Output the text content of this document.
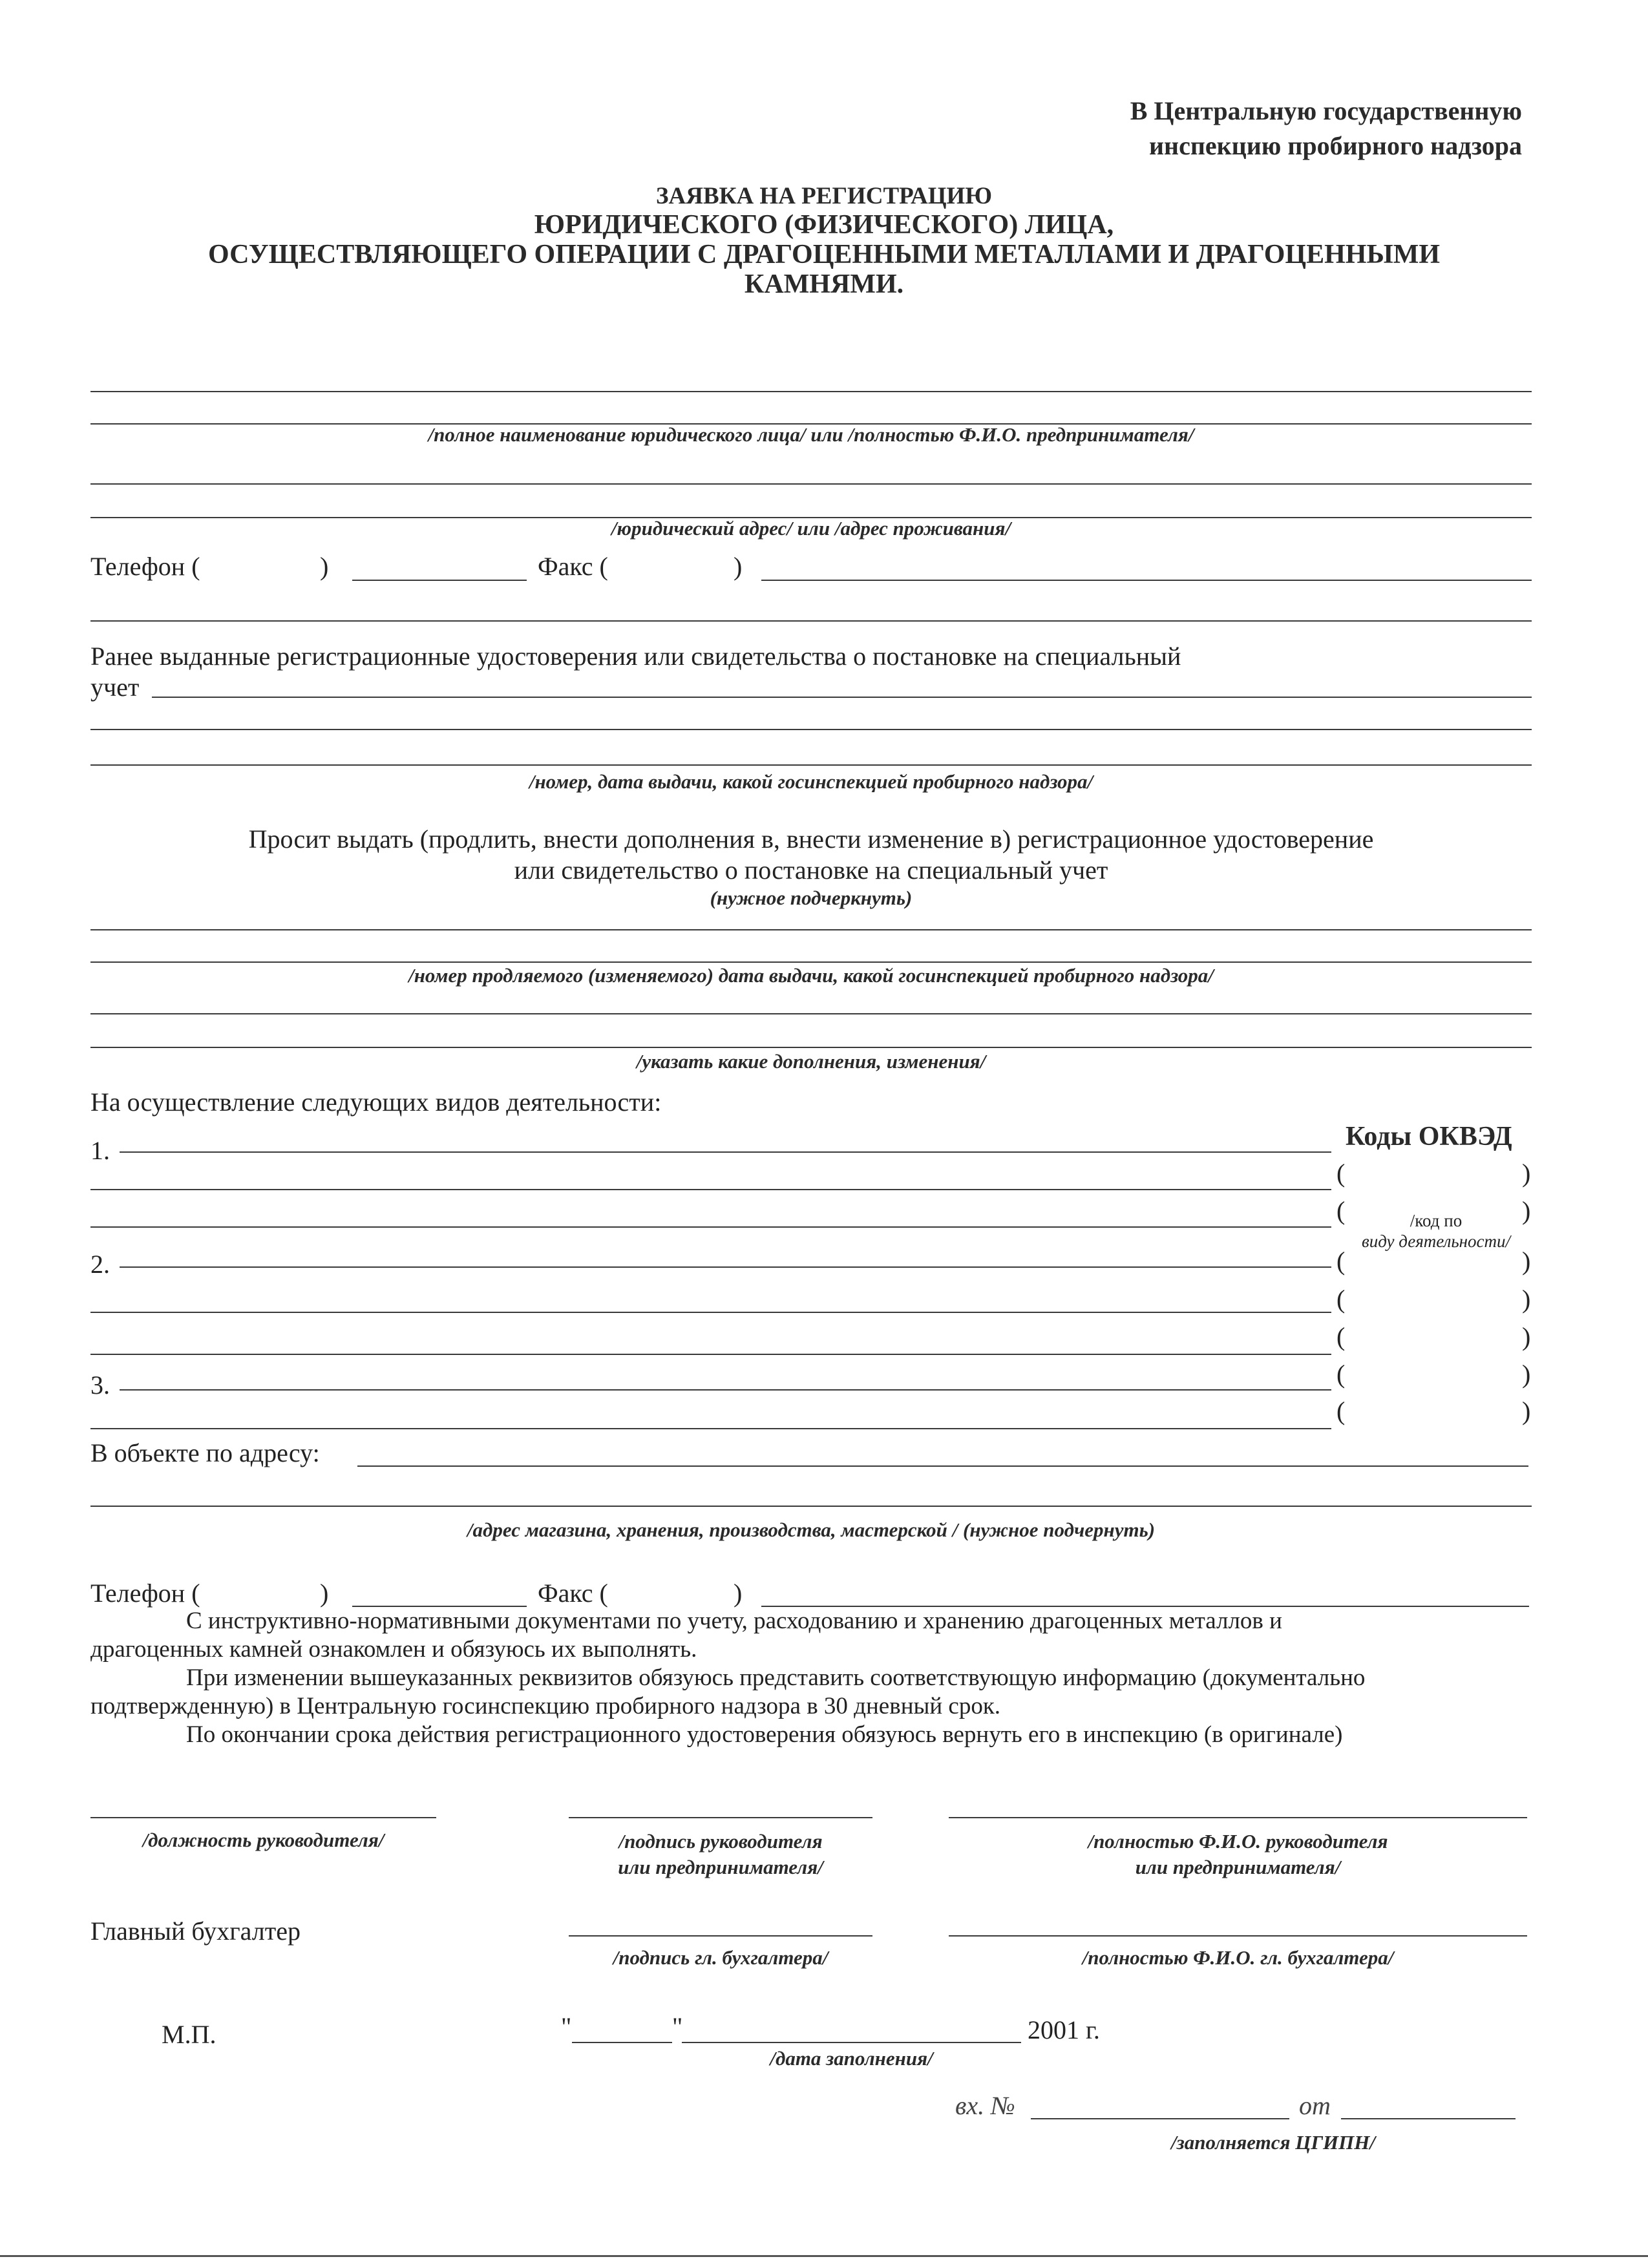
В Центральную государственную
инспекцию пробирного надзора
ЗАЯВКА НА РЕГИСТРАЦИЮ
ЮРИДИЧЕСКОГО (ФИЗИЧЕСКОГО) ЛИЦА,
ОСУЩЕСТВЛЯЮЩЕГО ОПЕРАЦИИ С ДРАГОЦЕННЫМИ МЕТАЛЛАМИ И ДРАГОЦЕННЫМИ
КАМНЯМИ.
/полное наименование юридического лица/ или /полностью Ф.И.О. предпринимателя/
/юридический адрес/ или /адрес проживания/
Телефон (	)	Факс (	)
Ранее выданные регистрационные удостоверения или свидетельства о постановке на специальный
учет
/номер, дата выдачи, какой госинспекцией пробирного надзора/
Просит выдать (продлить, внести дополнения в, внести изменение в) регистрационное удостоверение
или свидетельство о постановке на специальный учет
(нужное подчеркнуть)
/номер продляемого (изменяемого) дата выдачи, какой госинспекцией пробирного надзора/
/указать какие дополнения, изменения/
На осуществление следующих видов деятельности:
Коды ОКВЭД
1.
2.
3.
(	)
(	)
/код по
виду деятельности/
(	)
(	)
(	)
(	)
(	)
В объекте по адресу:
/адрес магазина, хранения, производства, мастерской / (нужное подчернуть)
Телефон (	)	Факс (	)
С инструктивно-нормативными документами по учету, расходованию и хранению драгоценных металлов и
драгоценных камней ознакомлен и обязуюсь их выполнять.
При изменении вышеуказанных реквизитов обязуюсь представить соответствующую информацию (документально
подтвержденную) в Центральную госинспекцию пробирного надзора в 30 дневный срок.
По окончании срока действия регистрационного удостоверения обязуюсь вернуть его в инспекцию (в оригинале)
/должность руководителя/	/подпись руководителя
или предпринимателя/
/полностью Ф.И.О. руководителя
или предпринимателя/
Главный бухгалтер
/подпись гл. бухгалтера/	/полностью Ф.И.О. гл. бухгалтера/
М.П.	"	"	2001 г.
/дата заполнения/
вх. №	от
/заполняется ЦГИПН/
